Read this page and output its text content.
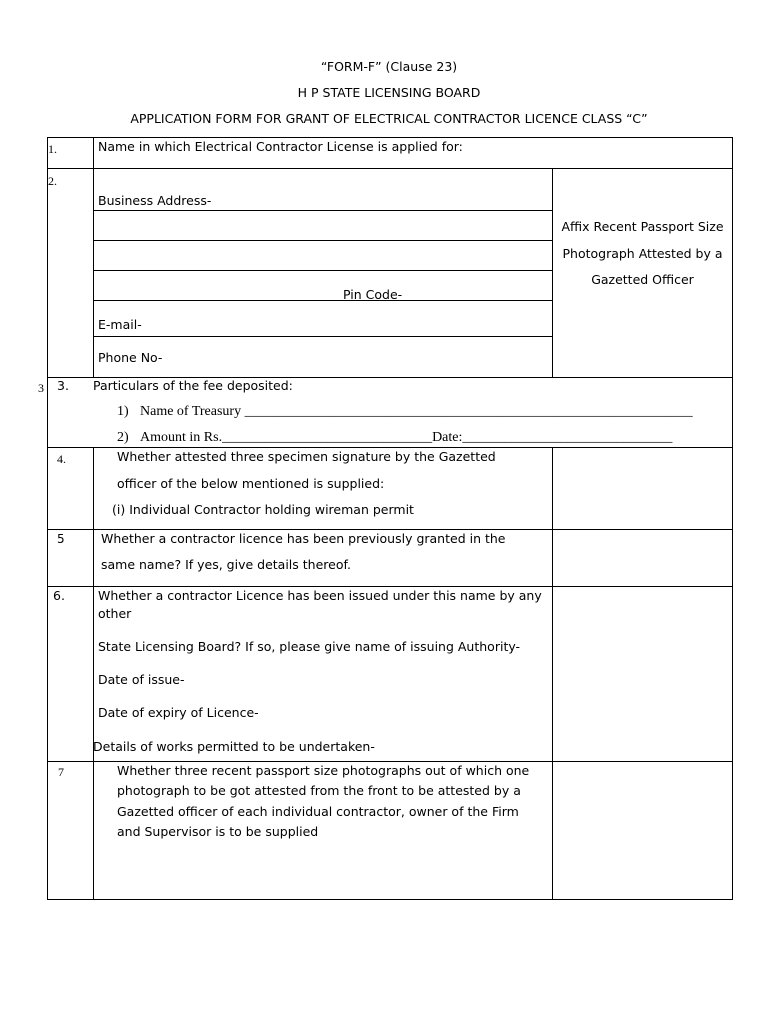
“FORM-F” (Clause 23)
H P STATE LICENSING BOARD
APPLICATION FORM FOR GRANT OF ELECTRICAL CONTRACTOR LICENCE CLASS “C”
1.	Name in which Electrical Contractor License is applied for:
2.
Business Address-
Pin Code-
E-mail-
Phone No-
Affix Recent Passport Size
Photograph Attested by a
Gazetted Officer
3 3. Particulars of the fee deposited:
1) Name of Treasury ________________________________________________________________
2) Amount in Rs.______________________________Date:______________________________
4.	Whether attested three specimen signature by the Gazetted
officer of the below mentioned is supplied:
(i) Individual Contractor holding wireman permit
5	Whether a contractor licence has been previously granted in the
same name? If yes, give details thereof.
6.	Whether a contractor Licence has been issued under this name by any
other
State Licensing Board? If so, please give name of issuing Authority-
Date of issue-
Date of expiry of Licence-
Details of works permitted to be undertaken-
7	Whether three recent passport size photographs out of which one
photograph to be got attested from the front to be attested by a
Gazetted officer of each individual contractor, owner of the Firm
and Supervisor is to be supplied
